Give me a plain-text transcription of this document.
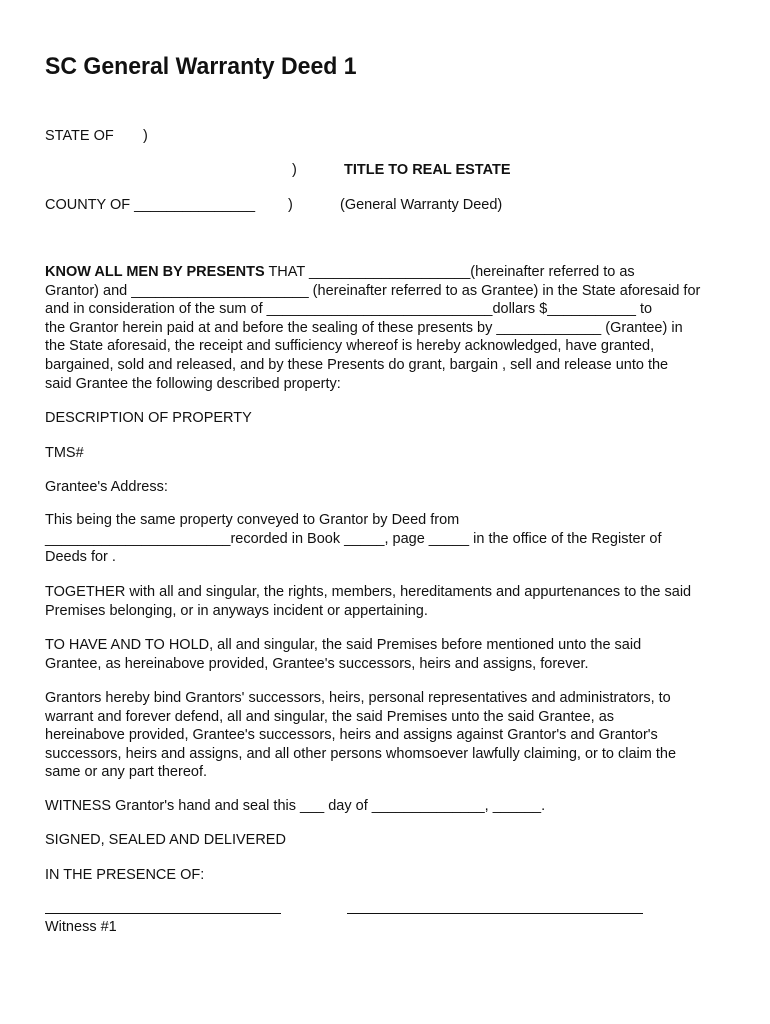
SC General Warranty Deed 1
STATE OF )
)	TITLE TO REAL ESTATE
COUNTY OF _______________ )	(General Warranty Deed)

KNOW ALL MEN BY PRESENTS THAT ____________________(hereinafter referred to as

Grantor) and ______________________ (hereinafter referred to as Grantee) in the State aforesaid for

and in consideration of the sum of ____________________________dollars $___________ to

the Grantor herein paid at and before the sealing of these presents by _____________ (Grantee) in

the State aforesaid, the receipt and sufficiency whereof is hereby acknowledged, have granted,

bargained, sold and released, and by these Presents do grant, bargain , sell and release unto the

said Grantee the following described property:

DESCRIPTION OF PROPERTY
TMS#
Grantee's Address:

This being the same property conveyed to Grantor by Deed from

_______________________recorded in Book _____, page _____ in the office of the Register of

Deeds for .

TOGETHER with all and singular, the rights, members, hereditaments and appurtenances to the said

Premises belonging, or in anyways incident or appertaining.

TO HAVE AND TO HOLD, all and singular, the said Premises before mentioned unto the said

Grantee, as hereinabove provided, Grantee's successors, heirs and assigns, forever.

Grantors hereby bind Grantors' successors, heirs, personal representatives and administrators, to

warrant and forever defend, all and singular, the said Premises unto the said Grantee, as

hereinabove provided, Grantee's successors, heirs and assigns against Grantor's and Grantor's

successors, heirs and assigns, and all other persons whomsoever lawfully claiming, or to claim the

same or any part thereof.

WITNESS Grantor's hand and seal this ___ day of ______________, ______.
SIGNED, SEALED AND DELIVERED
IN THE PRESENCE OF:
Witness #1
